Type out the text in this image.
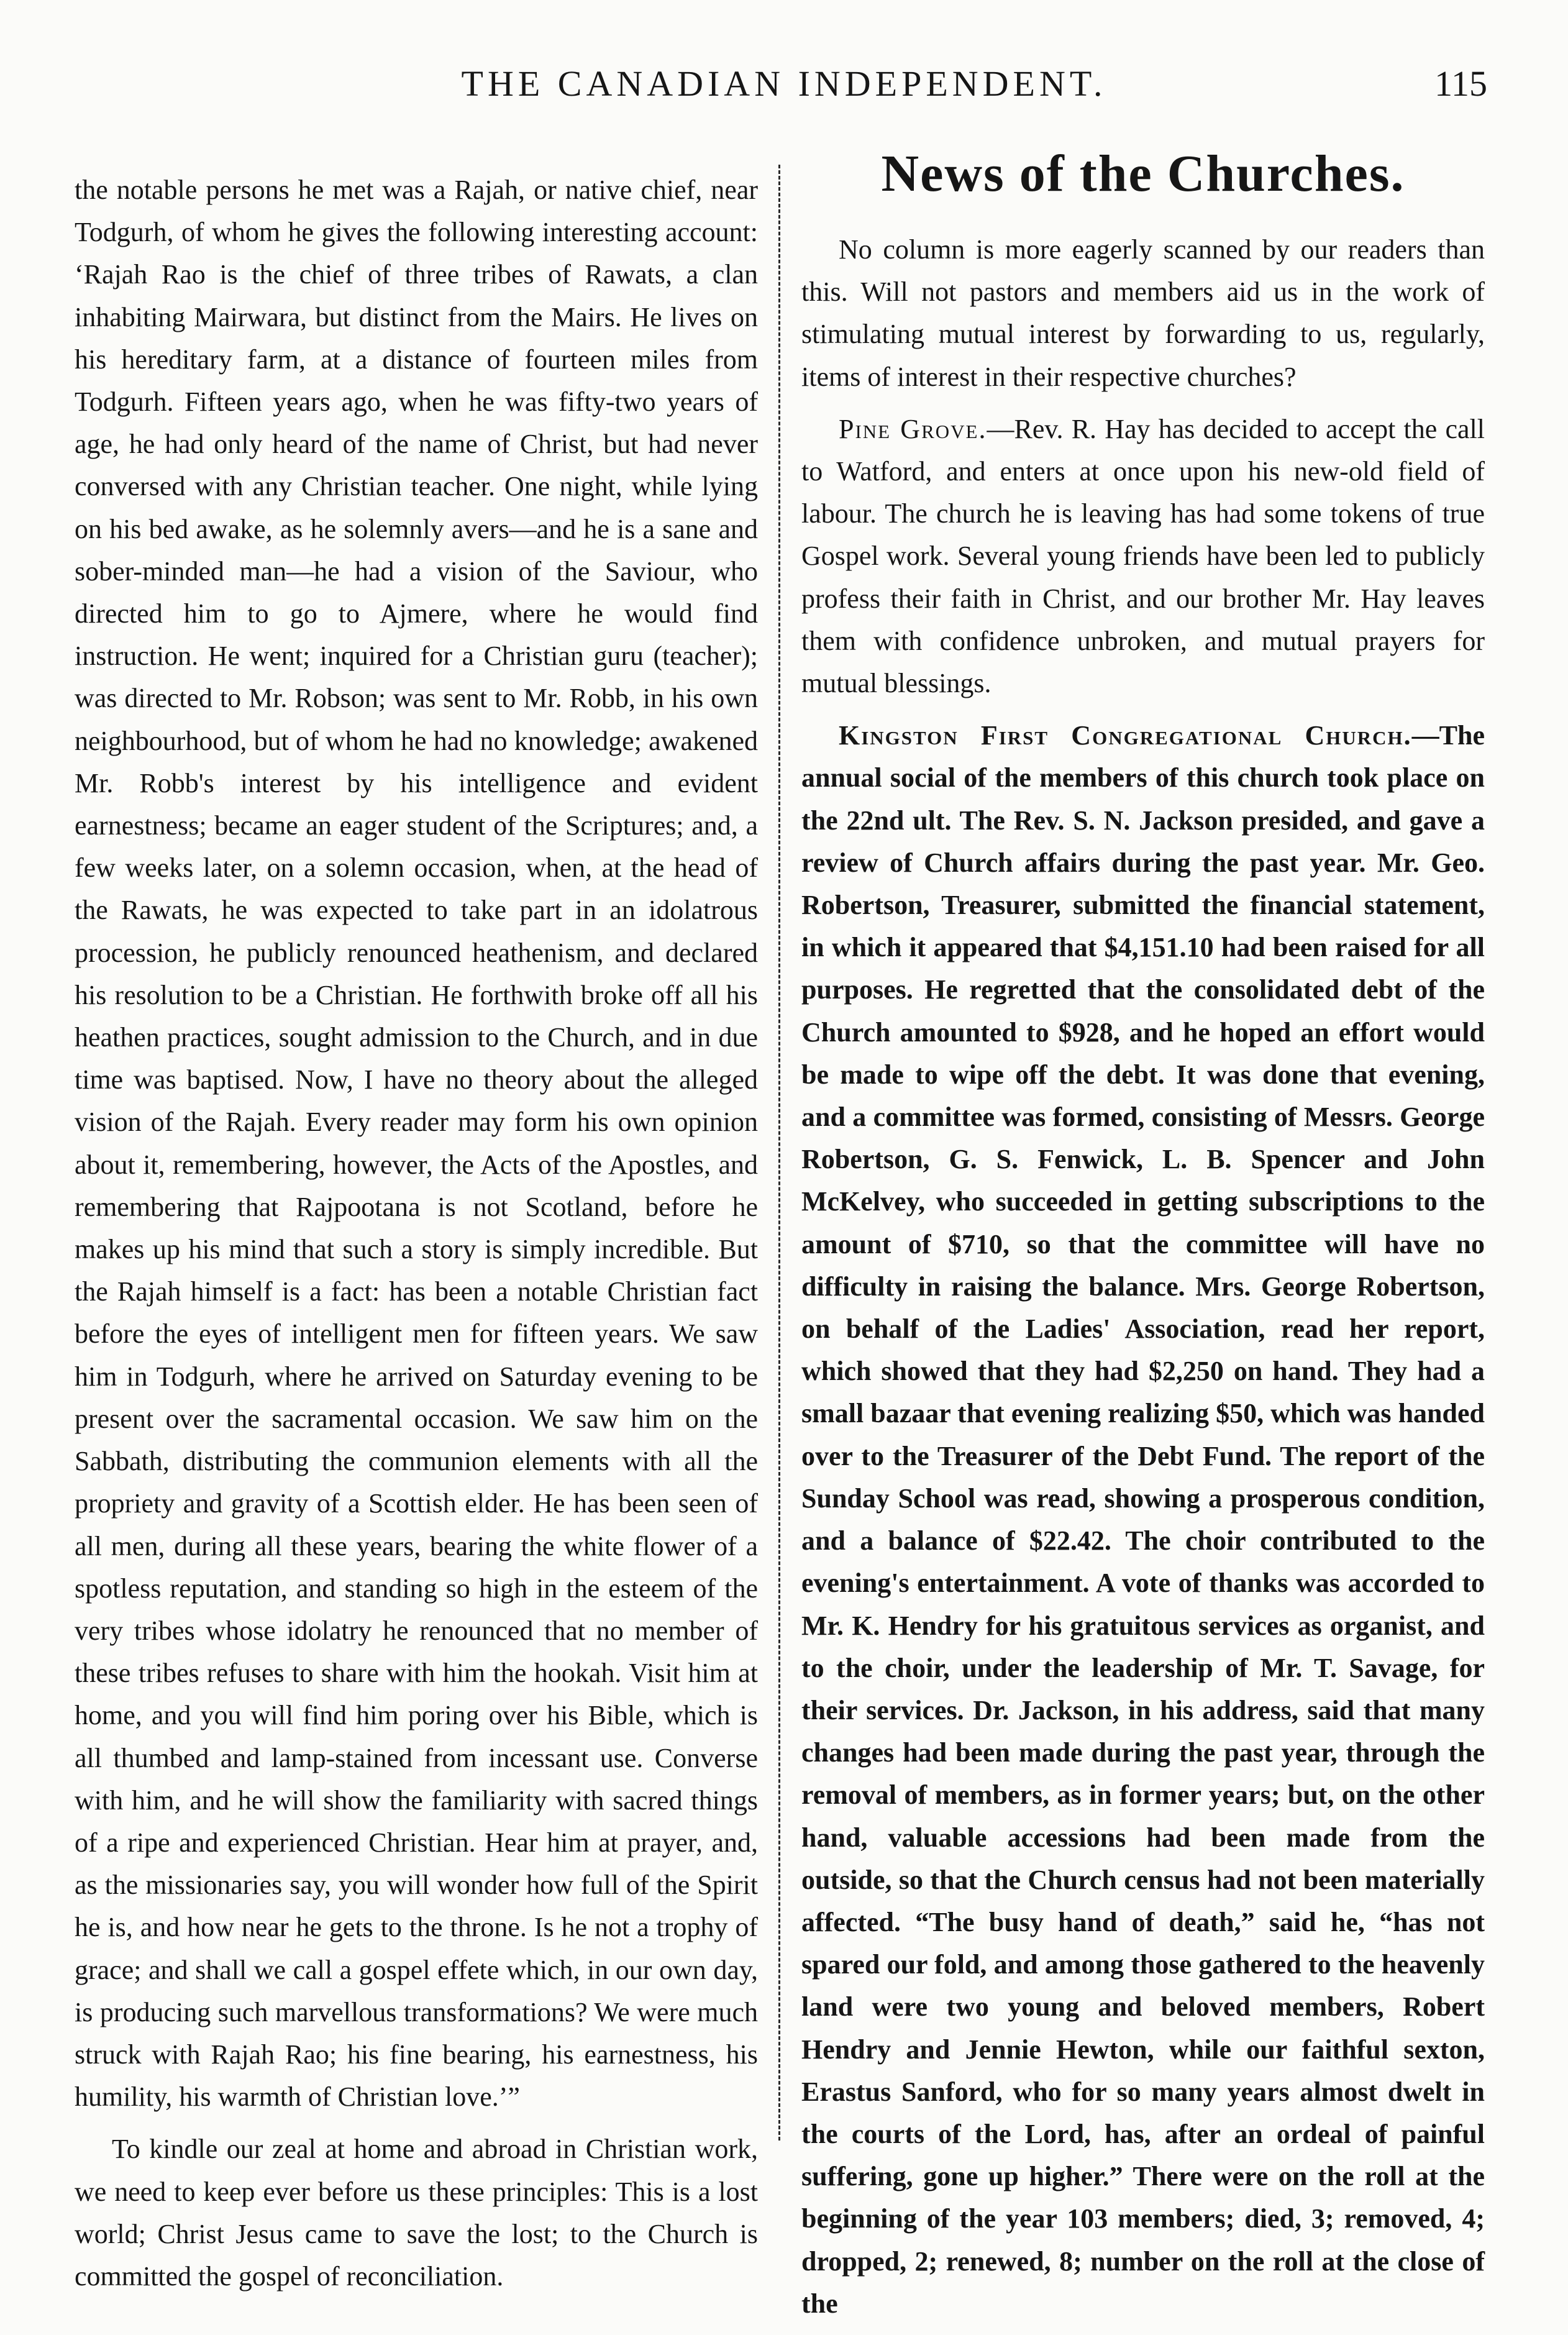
THE CANADIAN INDEPENDENT.	115

the notable persons he met was a Rajah, or native chief, near Todgurh, of whom he gives the following interesting account: ‘Rajah Rao is the chief of three tribes of Rawats, a clan inhabiting Mairwara, but distinct from the Mairs. He lives on his hereditary farm, at a distance of fourteen miles from Todgurh. Fifteen years ago, when he was fifty-two years of age, he had only heard of the name of Christ, but had never conversed with any Christian teacher. One night, while lying on his bed awake, as he solemnly avers—and he is a sane and sober-minded man—he had a vision of the Saviour, who directed him to go to Ajmere, where he would find instruction. He went; inquired for a Christian guru (teacher); was directed to Mr. Robson; was sent to Mr. Robb, in his own neighbourhood, but of whom he had no knowledge; awakened Mr. Robb's interest by his intelligence and evident earnestness; became an eager student of the Scriptures; and, a few weeks later, on a solemn occasion, when, at the head of the Rawats, he was expected to take part in an idolatrous procession, he publicly renounced heathenism, and declared his resolution to be a Christian. He forthwith broke off all his heathen practices, sought admission to the Church, and in due time was baptised. Now, I have no theory about the alleged vision of the Rajah. Every reader may form his own opinion about it, remembering, however, the Acts of the Apostles, and remembering that Rajpootana is not Scotland, before he makes up his mind that such a story is simply incredible. But the Rajah himself is a fact: has been a notable Christian fact before the eyes of intelligent men for fifteen years. We saw him in Todgurh, where he arrived on Saturday evening to be present over the sacramental occasion. We saw him on the Sabbath, distributing the communion elements with all the propriety and gravity of a Scottish elder. He has been seen of all men, during all these years, bearing the white flower of a spotless reputation, and standing so high in the esteem of the very tribes whose idolatry he renounced that no member of these tribes refuses to share with him the hookah. Visit him at home, and you will find him poring over his Bible, which is all thumbed and lamp-stained from incessant use. Converse with him, and he will show the familiarity with sacred things of a ripe and experienced Christian. Hear him at prayer, and, as the missionaries say, you will wonder how full of the Spirit he is, and how near he gets to the throne. Is he not a trophy of grace; and shall we call a gospel effete which, in our own day, is producing such marvellous transformations? We were much struck with Rajah Rao; his fine bearing, his earnestness, his humility, his warmth of Christian love.’”

To kindle our zeal at home and abroad in Christian work, we need to keep ever before us these principles: This is a lost world; Christ Jesus came to save the lost; to the Church is committed the gospel of reconciliation.

News of the Churches.

No column is more eagerly scanned by our readers than this. Will not pastors and members aid us in the work of stimulating mutual interest by forwarding to us, regularly, items of interest in their respective churches?

Pine Grove.—Rev. R. Hay has decided to accept the call to Watford, and enters at once upon his new-old field of labour. The church he is leaving has had some tokens of true Gospel work. Several young friends have been led to publicly profess their faith in Christ, and our brother Mr. Hay leaves them with confidence unbroken, and mutual prayers for mutual blessings.

Kingston First Congregational Church.—The annual social of the members of this church took place on the 22nd ult. The Rev. S. N. Jackson presided, and gave a review of Church affairs during the past year. Mr. Geo. Robertson, Treasurer, submitted the financial statement, in which it appeared that $4,151.10 had been raised for all purposes. He regretted that the consolidated debt of the Church amounted to $928, and he hoped an effort would be made to wipe off the debt. It was done that evening, and a committee was formed, consisting of Messrs. George Robertson, G. S. Fenwick, L. B. Spencer and John McKelvey, who succeeded in getting subscriptions to the amount of $710, so that the committee will have no difficulty in raising the balance. Mrs. George Robertson, on behalf of the Ladies' Association, read her report, which showed that they had $2,250 on hand. They had a small bazaar that evening realizing $50, which was handed over to the Treasurer of the Debt Fund. The report of the Sunday School was read, showing a prosperous condition, and a balance of $22.42. The choir contributed to the evening's entertainment. A vote of thanks was accorded to Mr. K. Hendry for his gratuitous services as organist, and to the choir, under the leadership of Mr. T. Savage, for their services. Dr. Jackson, in his address, said that many changes had been made during the past year, through the removal of members, as in former years; but, on the other hand, valuable accessions had been made from the outside, so that the Church census had not been materially affected. “The busy hand of death,” said he, “has not spared our fold, and among those gathered to the heavenly land were two young and beloved members, Robert Hendry and Jennie Hewton, while our faithful sexton, Erastus Sanford, who for so many years almost dwelt in the courts of the Lord, has, after an ordeal of painful suffering, gone up higher.” There were on the roll at the beginning of the year 103 members; died, 3; removed, 4; dropped, 2; renewed, 8; number on the roll at the close of the
